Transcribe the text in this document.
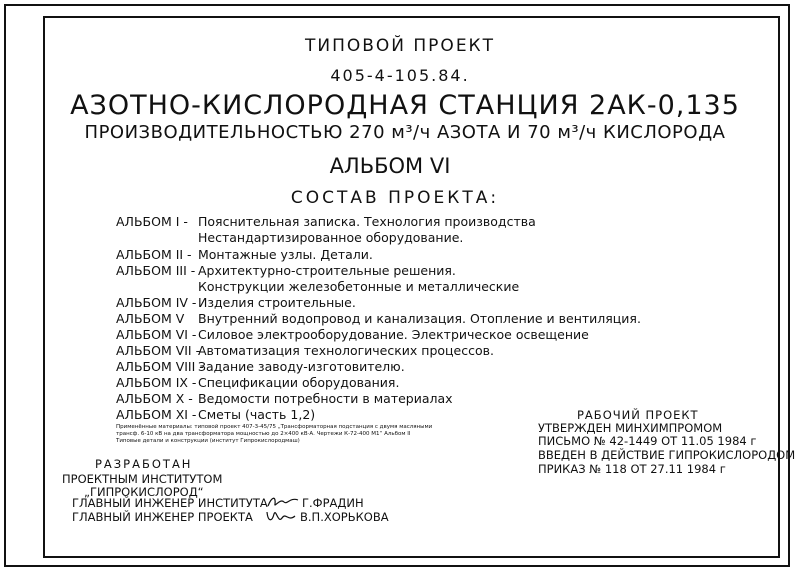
ТИПОВОЙ ПРОЕКТ
405-4-105.84.
АЗОТНО-КИСЛОРОДНАЯ СТАНЦИЯ 2АК-0,135
ПРОИЗВОДИТЕЛЬНОСТЬЮ 270 м³/ч АЗОТА И 70 м³/ч КИСЛОРОДА
АЛЬБОМ VI
СОСТАВ ПРОЕКТА:
АЛЬБОМ I - Пояснительная записка. Технология производства
Нестандартизированное оборудование.
АЛЬБОМ II - Монтажные узлы. Детали.
АЛЬБОМ III - Архитектурно-строительные решения.
Конструкции железобетонные и металлические
АЛЬБОМ IV - Изделия строительные.
АЛЬБОМ V Внутренний водопровод и канализация. Отопление и вентиляция.
АЛЬБОМ VI - Силовое электрооборудование. Электрическое освещение
АЛЬБОМ VII -Автоматизация технологических процессов.
АЛЬБОМ VIII -Задание заводу-изготовителю.
АЛЬБОМ IX - Спецификации оборудования.
АЛЬБОМ X - Ведомости потребности в материалах
АЛЬБОМ XI - Сметы (часть 1,2)
Применённые материалы: типовой проект 407-3-45/75 „Трансформаторная подстанция с двумя масляными
трансф. 6-10 кВ на два трансформатора мощностью до 2×400 кВ·А. Чертежи К-72-400 М1“ Альбом II
Типовые детали и конструкции (институт Гипрокислородмаш)
РАЗРАБОТАН
ПРОЕКТНЫМ ИНСТИТУТОМ
„ГИПРОКИСЛОРОД“
ГЛАВНЫЙ ИНЖЕНЕР ИНСТИТУТА	Г.ФРАДИН
ГЛАВНЫЙ ИНЖЕНЕР ПРОЕКТА	В.П.ХОРЬКОВА
РАБОЧИЙ ПРОЕКТ
УТВЕРЖДЕН МИНХИМПРОМОМ
ПИСЬМО № 42-1449 ОТ 11.05 1984 г
ВВЕДЕН В ДЕЙСТВИЕ ГИПРОКИСЛОРОДОМ
ПРИКАЗ № 118 ОТ 27.11 1984 г
